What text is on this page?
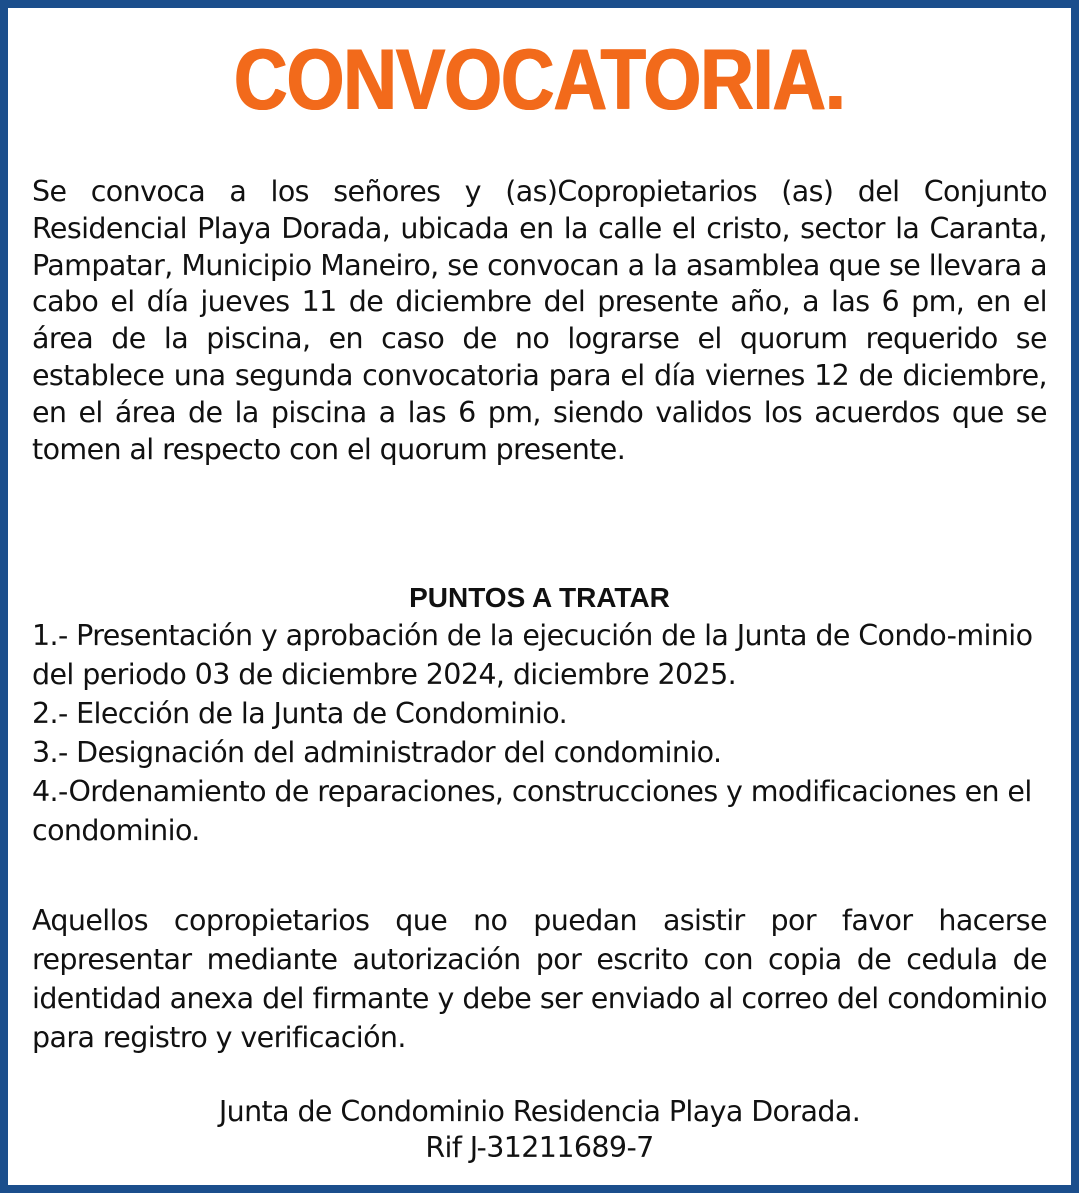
CONVOCATORIA.
Se convoca a los señores y (as)Copropietarios (as) del Conjunto Residencial Playa Dorada, ubicada en la calle el cristo, sector la Caranta, Pampatar, Municipio Maneiro, se convocan a la asamblea que se llevara a cabo el día jueves 11 de diciembre del presente año, a las 6 pm, en el área de la piscina, en caso de no lograrse el quorum requerido se establece una segunda convocatoria para el día viernes 12 de diciembre, en el área de la piscina a las 6 pm, siendo validos los acuerdos que se tomen al respecto con el quorum presente.
PUNTOS A TRATAR
1.- Presentación y aprobación de la ejecución de la Junta de Condo-minio del periodo 03 de diciembre 2024, diciembre 2025.
2.- Elección de la Junta de Condominio.
3.- Designación del administrador del condominio.
4.-Ordenamiento de reparaciones, construcciones y modificaciones en el condominio.
Aquellos copropietarios que no puedan asistir por favor hacerse representar mediante autorización por escrito con copia de cedula de identidad anexa del firmante y debe ser enviado al correo del condominio para registro y verificación.
Junta de Condominio Residencia Playa Dorada.
Rif J-31211689-7
